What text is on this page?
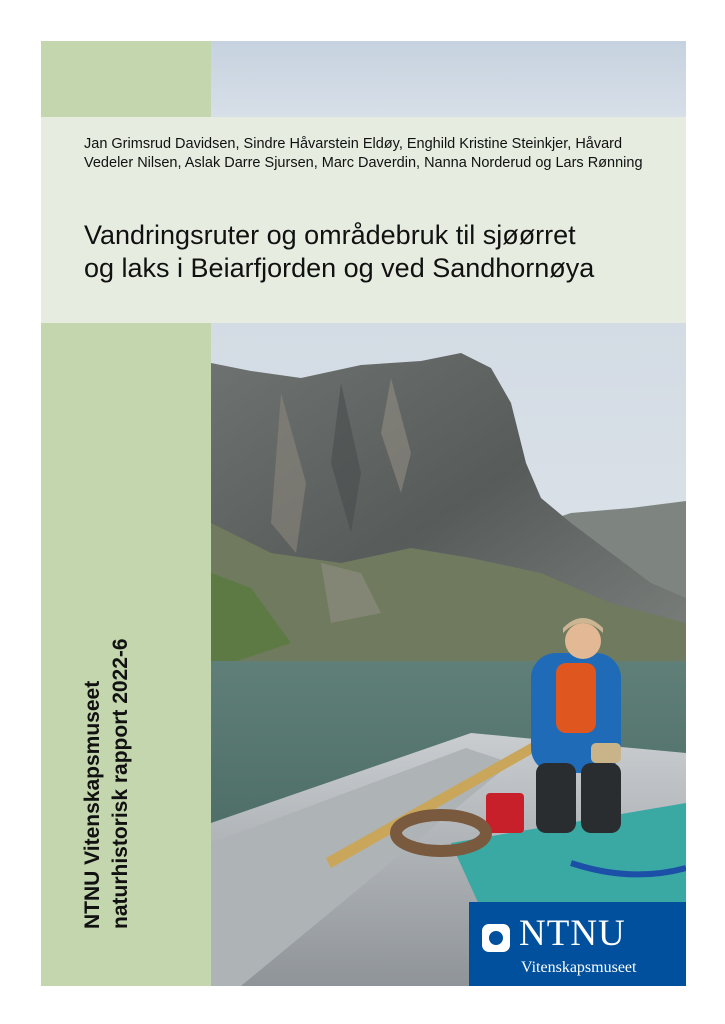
Jan Grimsrud Davidsen, Sindre Håvarstein Eldøy, Enghild Kristine Steinkjer, Håvard Vedeler Nilsen, Aslak Darre Sjursen, Marc Daverdin, Nanna Norderud og Lars Rønning
Vandringsruter og områdebruk til sjøørret
og laks i Beiarfjorden og ved Sandhornøya
NTNU Vitenskapsmuseet naturhistorisk rapport 2022-6
NTNU
Vitenskapsmuseet
